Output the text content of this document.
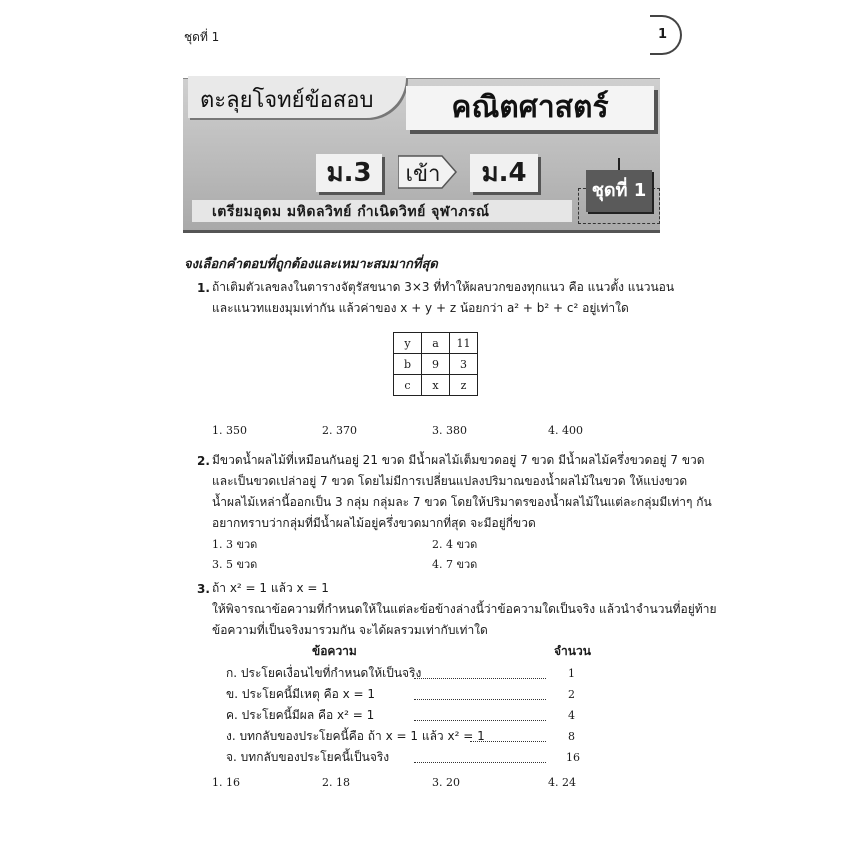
ชุดที่ 1	1
ตะลุยโจทย์ข้อสอบ	คณิตศาสตร์
ม.3	เข้า	ม.4
เตรียมอุดม มหิดลวิทย์ กำเนิดวิทย์ จุฬาภรณ์
ชุดที่ 1
จงเลือกคำตอบที่ถูกต้องและเหมาะสมมากที่สุด
1. ถ้าเติมตัวเลขลงในตารางจัตุรัสขนาด 3×3 ที่ทำให้ผลบวกของทุกแนว คือ แนวตั้ง แนวนอน
และแนวทแยงมุมเท่ากัน แล้วค่าของ x + y + z น้อยกว่า a² + b² + c² อยู่เท่าใด
y	a	11
b	9	3
c	x	z
1. 350	2. 370	3. 380	4. 400
2. มีขวดน้ำผลไม้ที่เหมือนกันอยู่ 21 ขวด มีน้ำผลไม้เต็มขวดอยู่ 7 ขวด มีน้ำผลไม้ครึ่งขวดอยู่ 7 ขวด
และเป็นขวดเปล่าอยู่ 7 ขวด โดยไม่มีการเปลี่ยนแปลงปริมาณของน้ำผลไม้ในขวด ให้แบ่งขวด
น้ำผลไม้เหล่านี้ออกเป็น 3 กลุ่ม กลุ่มละ 7 ขวด โดยให้ปริมาตรของน้ำผลไม้ในแต่ละกลุ่มมีเท่าๆ กัน
อยากทราบว่ากลุ่มที่มีน้ำผลไม้อยู่ครึ่งขวดมากที่สุด จะมีอยู่กี่ขวด
1. 3 ขวด	2. 4 ขวด
3. 5 ขวด	4. 7 ขวด
3. ถ้า x² = 1 แล้ว x = 1
ให้พิจารณาข้อความที่กำหนดให้ในแต่ละข้อข้างล่างนี้ว่าข้อความใดเป็นจริง แล้วนำจำนวนที่อยู่ท้าย
ข้อความที่เป็นจริงมารวมกัน จะได้ผลรวมเท่ากับเท่าใด
ข้อความ	จำนวน
ก. ประโยคเงื่อนไขที่กำหนดให้เป็นจริง	1
ข. ประโยคนี้มีเหตุ คือ x = 1	2
ค. ประโยคนี้มีผล คือ x² = 1	4
ง. บทกลับของประโยคนี้คือ ถ้า x = 1 แล้ว x² = 1	8
จ. บทกลับของประโยคนี้เป็นจริง	16
1. 16	2. 18	3. 20	4. 24
